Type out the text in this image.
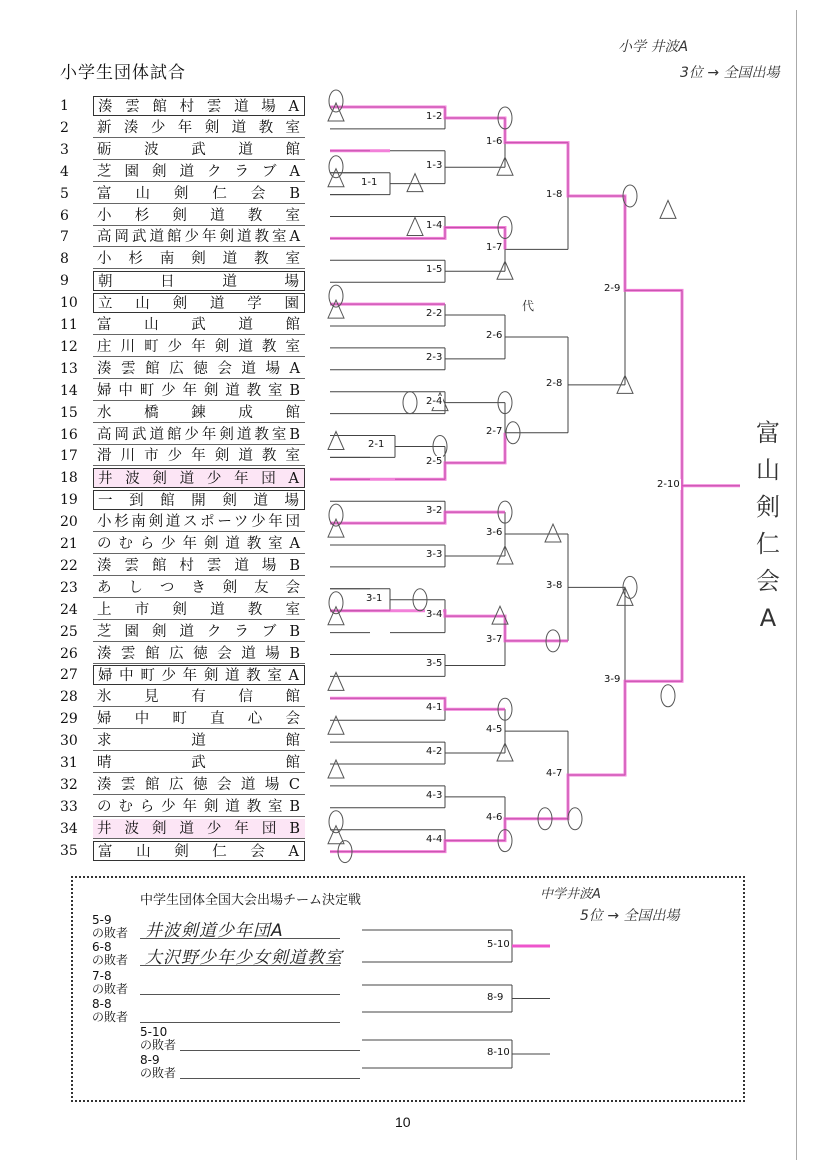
小学生団体試合
小学 井波A
3位 → 全国出場
1	湊雲館村雲道場A
2	新湊少年剣道教室
3	砺波武道館
4	芝園剣道クラブA
5	富山剣仁会B
6	小杉剣道教室
7	高岡武道館少年剣道教室A
8	小杉南剣道教室
9	朝日道場
10	立山剣道学園
11	富山武道館
12	庄川町少年剣道教室
13	湊雲館広徳会道場A
14	婦中町少年剣道教室B
15	水橋錬成館
16	高岡武道館少年剣道教室B
17	滑川市少年剣道教室
18	井波剣道少年団A
19	一到館開剣道場
20	小杉南剣道スポーツ少年団
21	のむら少年剣道教室A
22	湊雲館村雲道場B
23	あしつき剣友会
24	上市剣道教室
25	芝園剣道クラブB
26	湊雲館広徳会道場B
27	婦中町少年剣道教室A
28	氷見有信館
29	婦中町直心会
30	求道館
31	晴武館
32	湊雲館広徳会道場C
33	のむら少年剣道教室B
34	井波剣道少年団B
35	富山剣仁会A
1-1
1-2
1-3
1-4
1-5
1-6
1-7
1-8
2-1
2-2
2-3
2-4
2-5
2-6
2-7
2-8
2-9
2-10
3-1
3-2
3-3
3-4
3-5
3-6
3-7
3-8
3-9
4-1
4-2
4-3
4-4
4-5
4-6
4-7
富
山
剣
仁
会
A
代
中学生団体全国大会出場チーム決定戦	中学井波A
5位 → 全国出場
5-9
の敗者 井波剣道少年団A
6-8
の敗者 大沢野少年少女剣道教室
7-8
の敗者
8-8
の敗者
5-10
の敗者
8-9
の敗者
5-10
8-9
8-10
10
